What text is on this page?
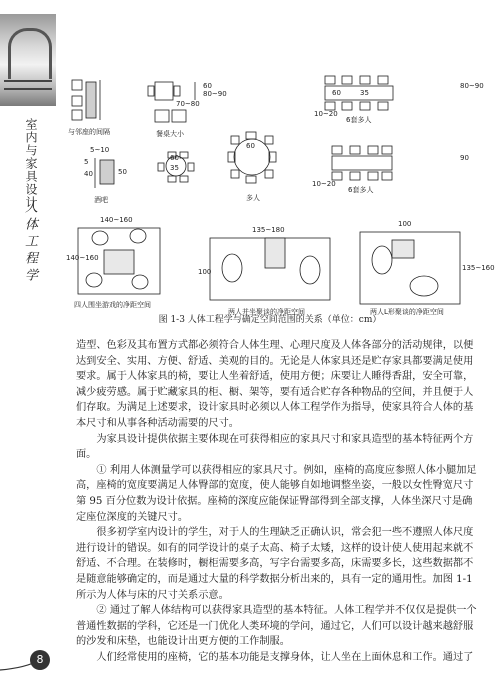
室内与家具设计
人体工程学
8
与邻座的间隔	餐桌大小
6套多人
酒吧	多人
6套多人
四人围坐游戏的净距空间
两人并坐聚谈的净距空间	两人L形聚谈的净距空间
60
80~90
70~80
60	35
10~20
5~10
5
50
40
60
35
60
140~160
140~160
135~180
100	135~160
100
80~90
90
10~20
图 1-3 人体工程学与确定空间范围的关系（单位：cm）

造型、色彩及其布置方式都必须符合人体生理、心理尺度及人体各部分的活动规律，以便达到安全、实用、方便、舒适、美观的目的。无论是人体家具还是贮存家具都要满足使用要求。属于人体家具的椅，要让人坐着舒适，使用方便；床要让人睡得香甜，安全可靠，减少疲劳感。属于贮藏家具的柜、橱、架等，要有适合贮存各种物品的空间，并且便于人们存取。为满足上述要求，设计家具时必须以人体工程学作为指导，使家具符合人体的基本尺寸和从事各种活动需要的尺寸。

为家具设计提供依据主要体现在可获得相应的家具尺寸和家具造型的基本特征两个方面。

① 利用人体测量学可以获得相应的家具尺寸。例如，座椅的高度应参照人体小腿加足高，座椅的宽度要满足人体臀部的宽度，使人能够自如地调整坐姿，一般以女性臀宽尺寸第 95 百分位数为设计依据。座椅的深度应能保证臀部得到全部支撑，人体坐深尺寸是确定座位深度的关键尺寸。

很多初学室内设计的学生，对于人的生理缺乏正确认识，常会犯一些不遵照人体尺度进行设计的错误。如有的同学设计的桌子太高、椅子太矮，这样的设计使人使用起来就不舒适、不合理。在装修时，橱柜需要多高，写字台需要多高，床需要多长，这些数据都不是随意能够确定的，而是通过大量的科学数据分析出来的，具有一定的通用性。加图 1-1 所示为人体与床的尺寸关系示意。

② 通过了解人体结构可以获得家具造型的基本特征。人体工程学并不仅仅是提供一个普通性数据的学科，它还是一门优化人类环境的学问，通过它，人们可以设计越来越舒服的沙发和床垫，也能设计出更方便的工作制服。

人们经常使用的座椅，它的基本功能是支撑身体，让人坐在上面休息和工作。通过了
